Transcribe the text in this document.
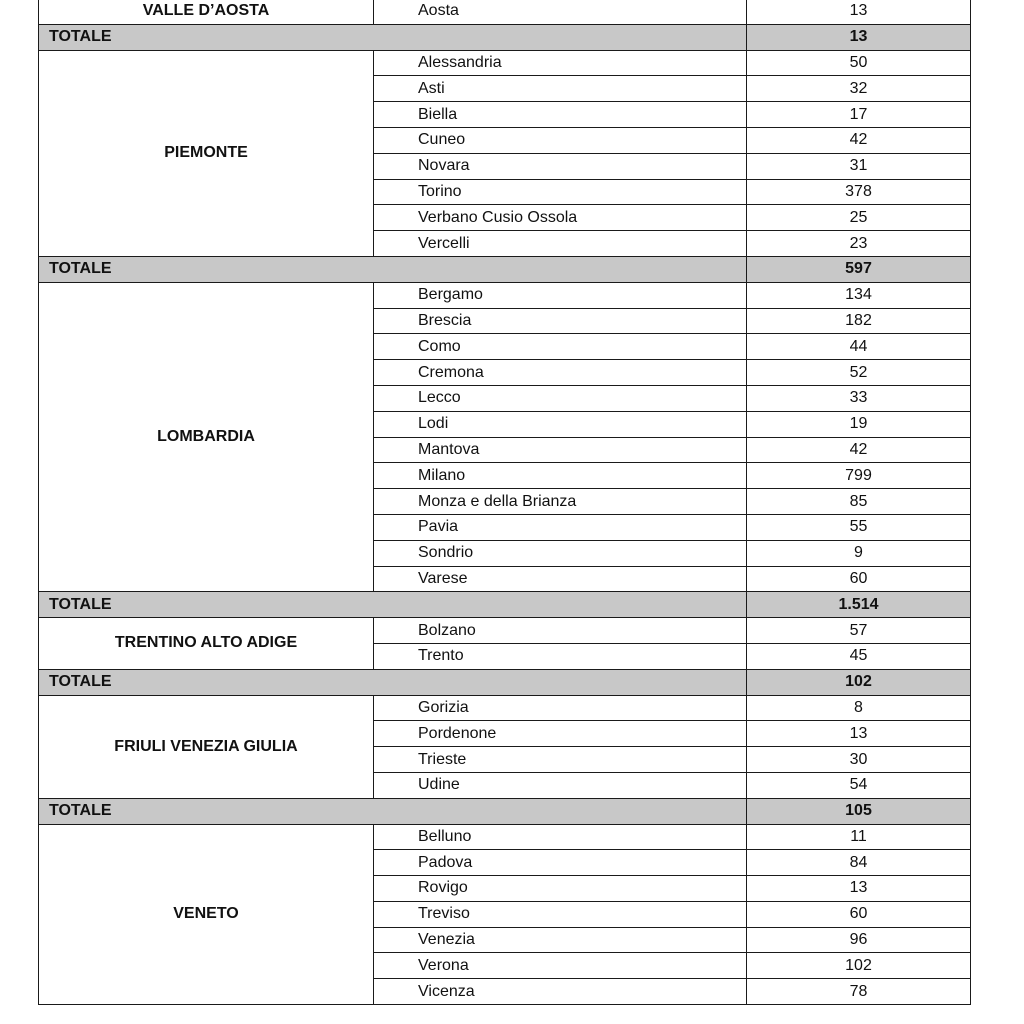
VALLE D’AOSTA	Aosta	13
TOTALE		13
PIEMONTE	Alessandria	50
	Asti	32
	Biella	17
	Cuneo	42
	Novara	31
	Torino	378
	Verbano Cusio Ossola	25
	Vercelli	23
TOTALE		597
LOMBARDIA	Bergamo	134
	Brescia	182
	Como	44
	Cremona	52
	Lecco	33
	Lodi	19
	Mantova	42
	Milano	799
	Monza e della Brianza	85
	Pavia	55
	Sondrio	9
	Varese	60
TOTALE		1.514
TRENTINO ALTO ADIGE	Bolzano	57
	Trento	45
TOTALE		102
FRIULI VENEZIA GIULIA	Gorizia	8
	Pordenone	13
	Trieste	30
	Udine	54
TOTALE		105
VENETO	Belluno	11
	Padova	84
	Rovigo	13
	Treviso	60
	Venezia	96
	Verona	102
	Vicenza	78
